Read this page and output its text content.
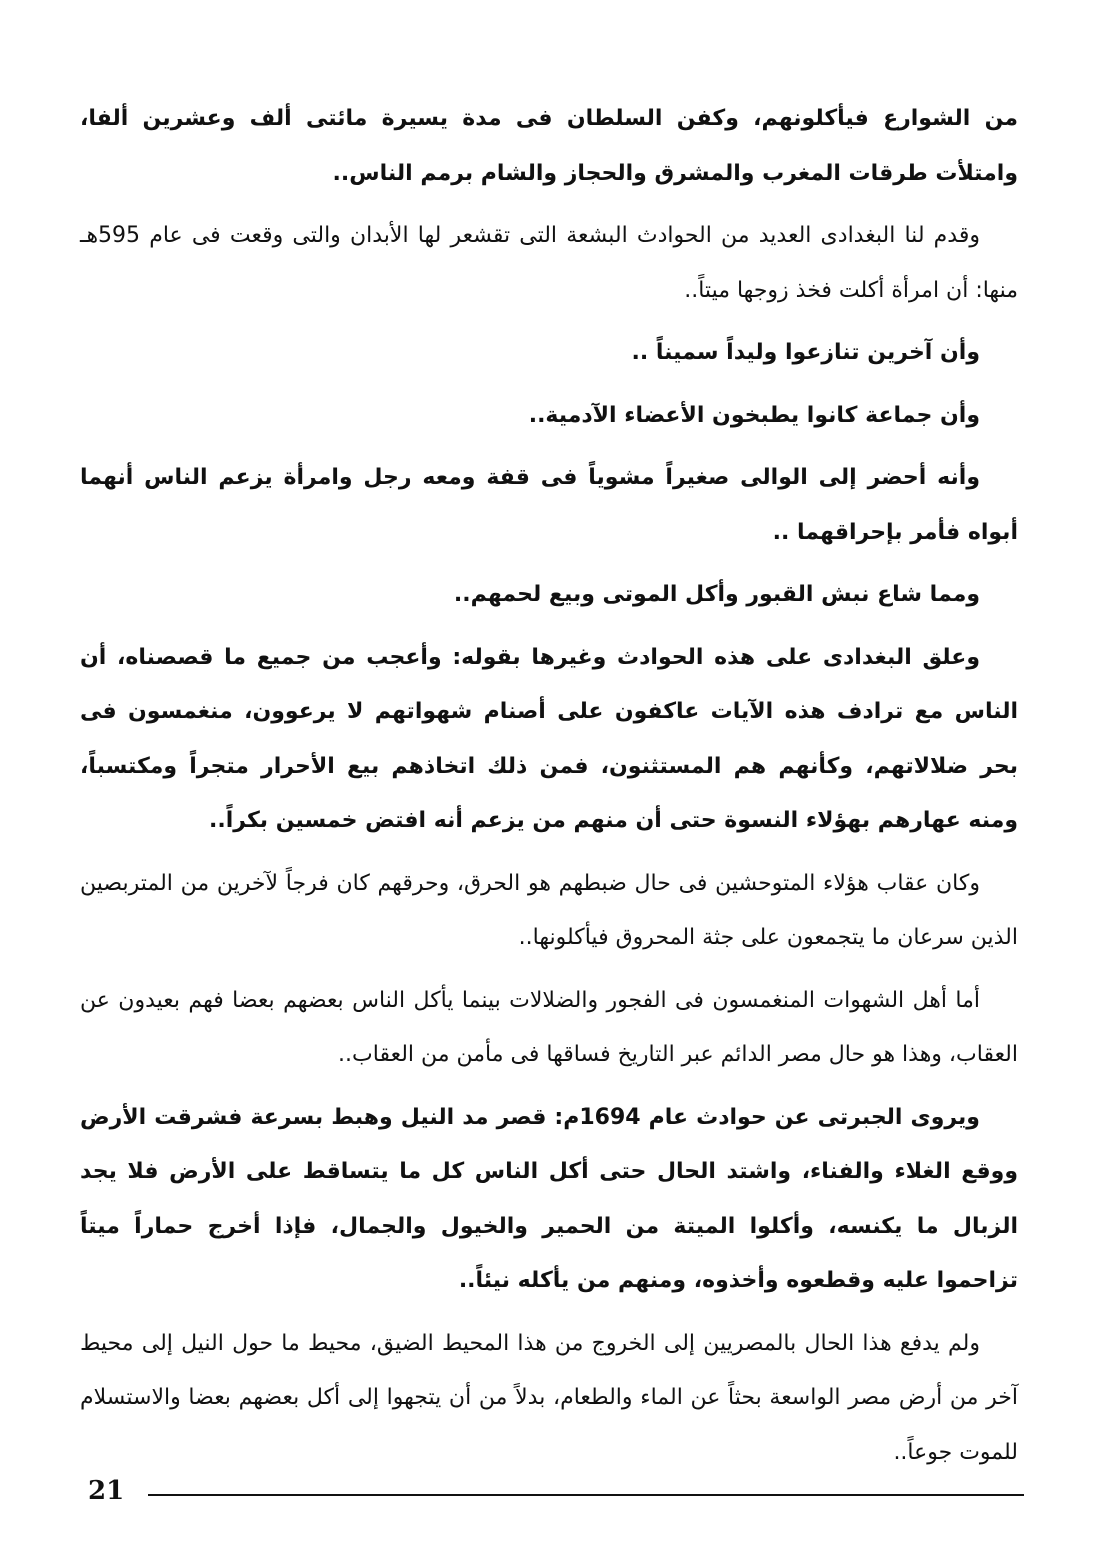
من الشوارع فيأكلونهم، وكفن السلطان فى مدة يسيرة مائتى ألف وعشرين ألفا، وامتلأت طرقات المغرب والمشرق والحجاز والشام برمم الناس..

وقدم لنا البغدادى العديد من الحوادث البشعة التى تقشعر لها الأبدان والتى وقعت فى عام 595هـ منها: أن امرأة أكلت فخذ زوجها ميتاً..

وأن آخرين تنازعوا وليداً سميناً ..

وأن جماعة كانوا يطبخون الأعضاء الآدمية..

وأنه أحضر إلى الوالى صغيراً مشوياً فى قفة ومعه رجل وامرأة يزعم الناس أنهما أبواه فأمر بإحراقهما ..

ومما شاع نبش القبور وأكل الموتى وبيع لحمهم..

وعلق البغدادى على هذه الحوادث وغيرها بقوله: وأعجب من جميع ما قصصناه، أن الناس مع ترادف هذه الآيات عاكفون على أصنام شهواتهم لا يرعوون، منغمسون فى بحر ضلالاتهم، وكأنهم هم المستثنون، فمن ذلك اتخاذهم بيع الأحرار متجراً ومكتسباً، ومنه عهارهم بهؤلاء النسوة حتى أن منهم من يزعم أنه افتض خمسين بكراً..

وكان عقاب هؤلاء المتوحشين فى حال ضبطهم هو الحرق، وحرقهم كان فرجاً لآخرين من المتربصين الذين سرعان ما يتجمعون على جثة المحروق فيأكلونها..

أما أهل الشهوات المنغمسون فى الفجور والضلالات بينما يأكل الناس بعضهم بعضا فهم بعيدون عن العقاب، وهذا هو حال مصر الدائم عبر التاريخ فساقها فى مأمن من العقاب..

ويروى الجبرتى عن حوادث عام 1694م: قصر مد النيل وهبط بسرعة فشرقت الأرض ووقع الغلاء والفناء، واشتد الحال حتى أكل الناس كل ما يتساقط على الأرض فلا يجد الزبال ما يكنسه، وأكلوا الميتة من الحمير والخيول والجمال، فإذا أخرج حماراً ميتاً تزاحموا عليه وقطعوه وأخذوه، ومنهم من يأكله نيئاً..

ولم يدفع هذا الحال بالمصريين إلى الخروج من هذا المحيط الضيق، محيط ما حول النيل إلى محيط آخر من أرض مصر الواسعة بحثاً عن الماء والطعام، بدلاً من أن يتجهوا إلى أكل بعضهم بعضا والاستسلام للموت جوعاً..

21
